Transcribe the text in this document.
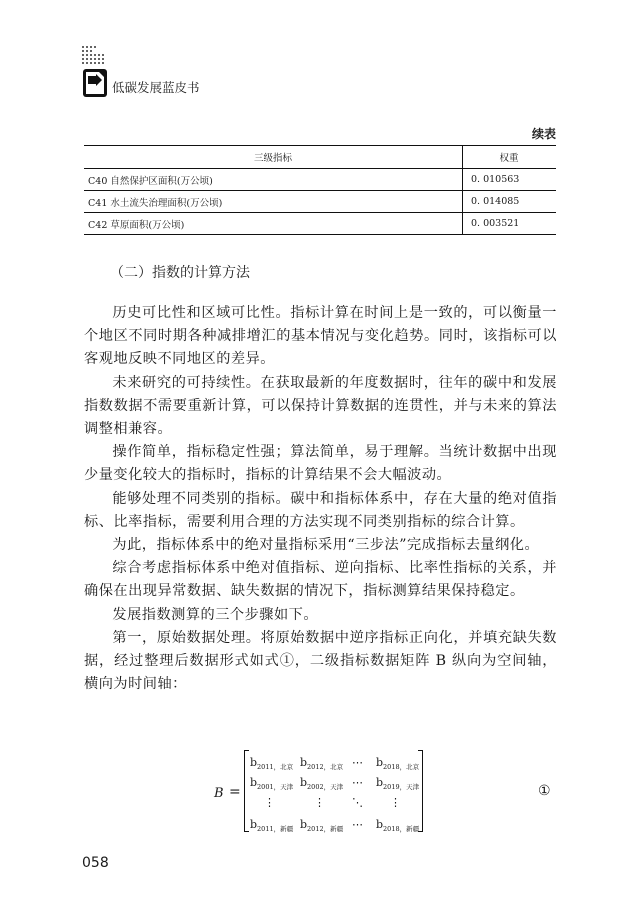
低碳发展蓝皮书
续表
三级指标	权重
C40 自然保护区面积(万公顷)	0. 010563
C41 水土流失治理面积(万公顷)	0. 014085
C42 草原面积(万公顷)	0. 003521
（二）指数的计算方法

历史可比性和区域可比性。指标计算在时间上是一致的，可以衡量一个地区不同时期各种减排增汇的基本情况与变化趋势。同时，该指标可以客观地反映不同地区的差异。

未来研究的可持续性。在获取最新的年度数据时，往年的碳中和发展指数数据不需要重新计算，可以保持计算数据的连贯性，并与未来的算法调整相兼容。

操作简单，指标稳定性强；算法简单，易于理解。当统计数据中出现少量变化较大的指标时，指标的计算结果不会大幅波动。

能够处理不同类别的指标。碳中和指标体系中，存在大量的绝对值指标、比率指标，需要利用合理的方法实现不同类别指标的综合计算。

为此，指标体系中的绝对量指标采用“三步法”完成指标去量纲化。

综合考虑指标体系中绝对值指标、逆向指标、比率性指标的关系，并确保在出现异常数据、缺失数据的情况下，指标测算结果保持稳定。

发展指数测算的三个步骤如下。

第一，原始数据处理。将原始数据中逆序指标正向化，并填充缺失数据，经过整理后数据形式如式①，二级指标数据矩阵 B 纵向为空间轴，横向为时间轴：

B =
$b_{2011,北京}$ $b_{2012,北京}$ ⋯ $b_{2018,北京}$
$b_{2001,天津}$ $b_{2002,天津}$ ⋯ $b_{2019,天津}$
⋮	⋮ ⋱ ⋮
$b_{2011,新疆}$ $b_{2012,新疆}$ ⋯ $b_{2018,新疆}$
①
058
